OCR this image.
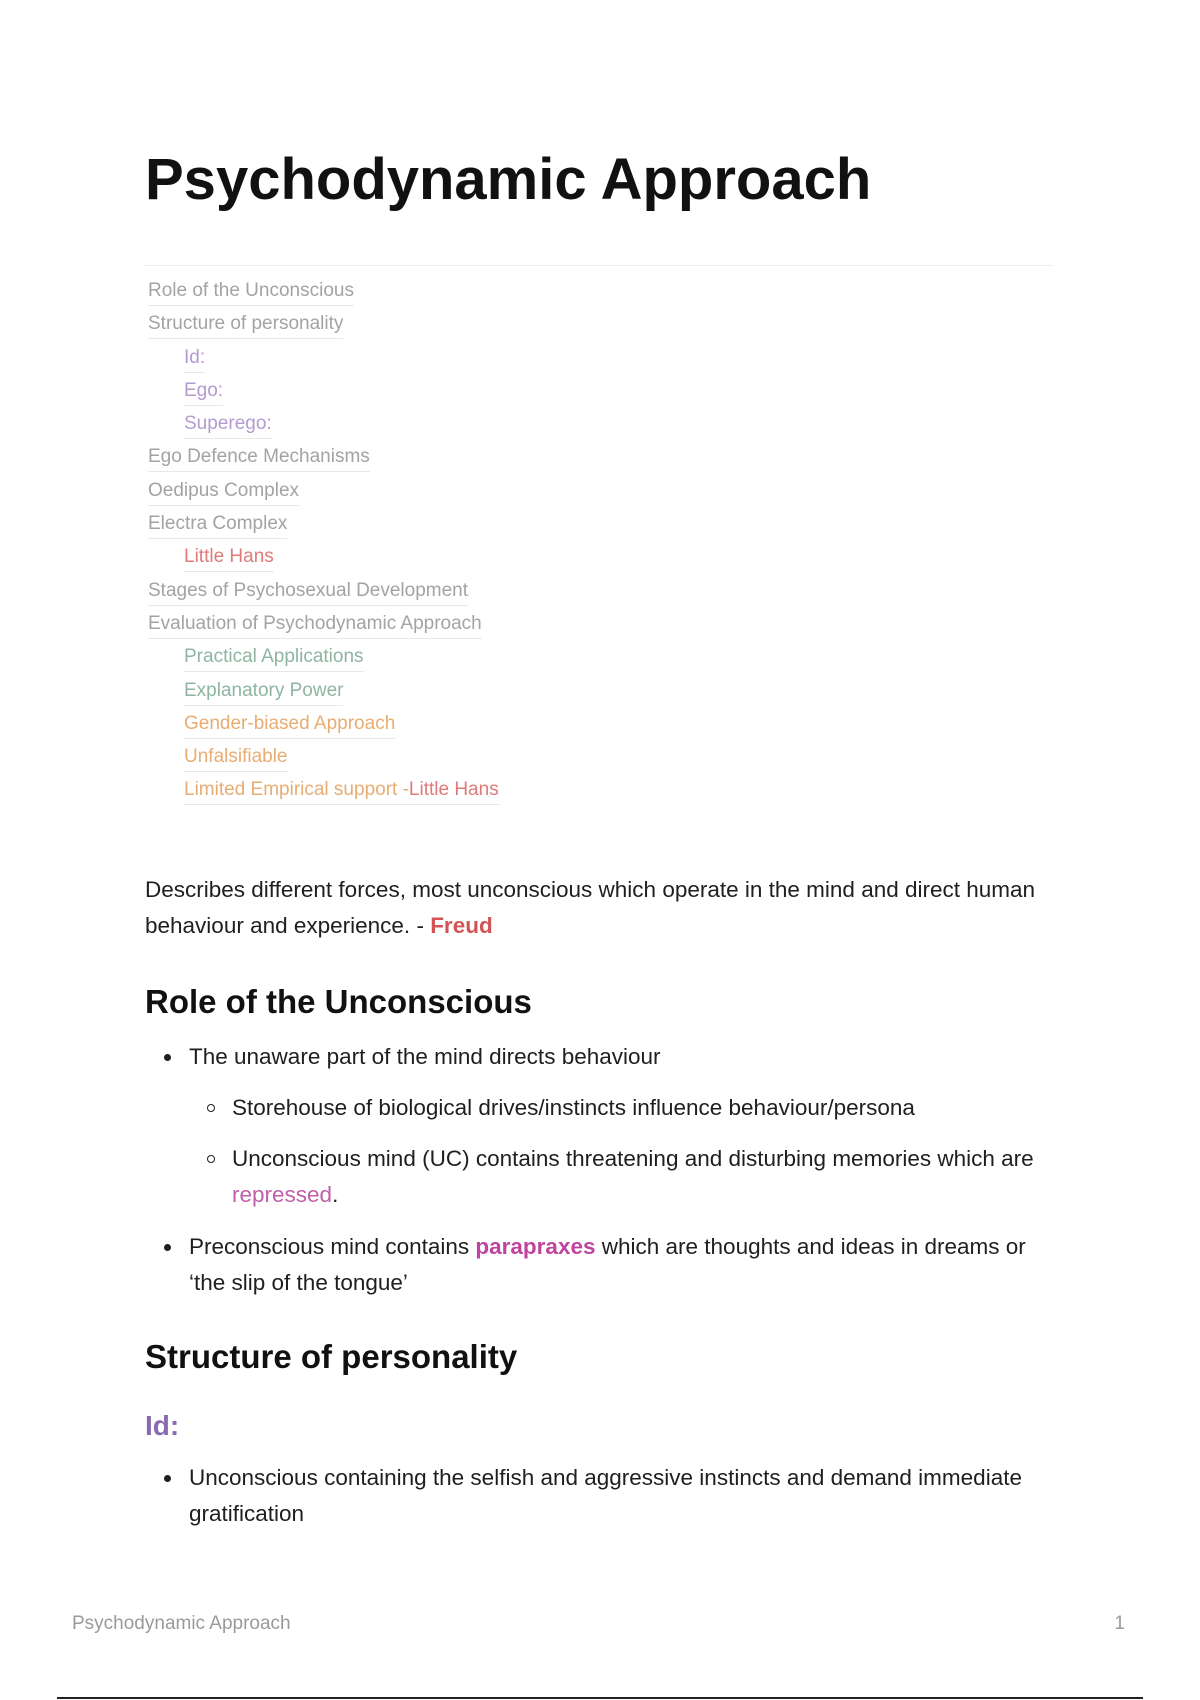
Psychodynamic Approach
Role of the Unconscious
Structure of personality
Id:
Ego:
Superego:
Ego Defence Mechanisms
Oedipus Complex
Electra Complex
Little Hans
Stages of Psychosexual Development
Evaluation of Psychodynamic Approach
Practical Applications
Explanatory Power
Gender-biased Approach
Unfalsifiable
Limited Empirical support -Little Hans

Describes different forces, most unconscious which operate in the mind and direct human behaviour and experience. - Freud

Role of the Unconscious

The unaware part of the mind directs behaviour

Storehouse of biological drives/instincts influence behaviour/persona

Unconscious mind (UC) contains threatening and disturbing memories which are repressed.

Preconscious mind contains parapraxes which are thoughts and ideas in dreams or ‘the slip of the tongue’

Structure of personality
Id:

Unconscious containing the selfish and aggressive instincts and demand immediate gratification

Psychodynamic Approach	1
